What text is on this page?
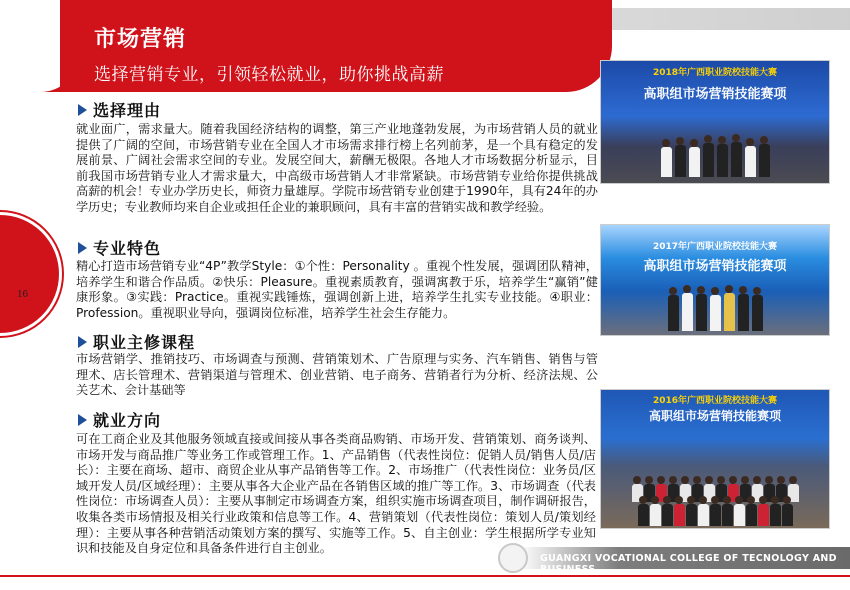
市场营销
选择营销专业，引领轻松就业，助你挑战高薪
16
选择理由
就业面广，需求量大。随着我国经济结构的调整，第三产业地蓬勃发展，为市场营销人员的就业提供了广阔的空间，市场营销专业在全国人才市场需求排行榜上名列前茅，是一个具有稳定的发展前景、广阔社会需求空间的专业。发展空间大，薪酬无极限。各地人才市场数据分析显示，目前我国市场营销专业人才需求量大，中高级市场营销人才非常紧缺。市场营销专业给你提供挑战高薪的机会！专业办学历史长，师资力量雄厚。学院市场营销专业创建于1990年，具有24年的办学历史；专业教师均来自企业或担任企业的兼职顾问，具有丰富的营销实战和教学经验。
专业特色
精心打造市场营销专业“4P”教学Style：①个性：Personality 。重视个性发展，强调团队精神，培养学生和谐合作品质。②快乐：Pleasure。重视素质教育，强调寓教于乐，培养学生“赢销”健康形象。③实践：Practice。重视实践锤炼，强调创新上进，培养学生扎实专业技能。④职业：Profession。重视职业导向，强调岗位标准，培养学生社会生存能力。
职业主修课程
市场营销学、推销技巧、市场调查与预测、营销策划术、广告原理与实务、汽车销售、销售与管理术、店长管理术、营销渠道与管理术、创业营销、电子商务、营销者行为分析、经济法规、公关艺术、会计基础等
就业方向
可在工商企业及其他服务领域直接或间接从事各类商品购销、市场开发、营销策划、商务谈判、市场开发与商品推广等业务工作或管理工作。1、产品销售（代表性岗位：促销人员/销售人员/店长）：主要在商场、超市、商贸企业从事产品销售等工作。2、市场推广（代表性岗位：业务员/区域开发人员/区域经理）：主要从事各大企业产品在各销售区域的推广等工作。3、市场调查（代表性岗位：市场调查人员）：主要从事制定市场调查方案，组织实施市场调查项目，制作调研报告，收集各类市场情报及相关行业政策和信息等工作。4、营销策划（代表性岗位：策划人员/策划经理）：主要从事各种营销活动策划方案的撰写、实施等工作。5、自主创业：学生根据所学专业知识和技能及自身定位和具备条件进行自主创业。
2018年广西职业院校技能大赛
高职组市场营销技能赛项
2017年广西职业院校技能大赛
高职组市场营销技能赛项
2016年广西职业院校技能大赛
高职组市场营销技能赛项
GUANGXI VOCATIONAL COLLEGE OF TECNOLOGY AND BUSINESS
